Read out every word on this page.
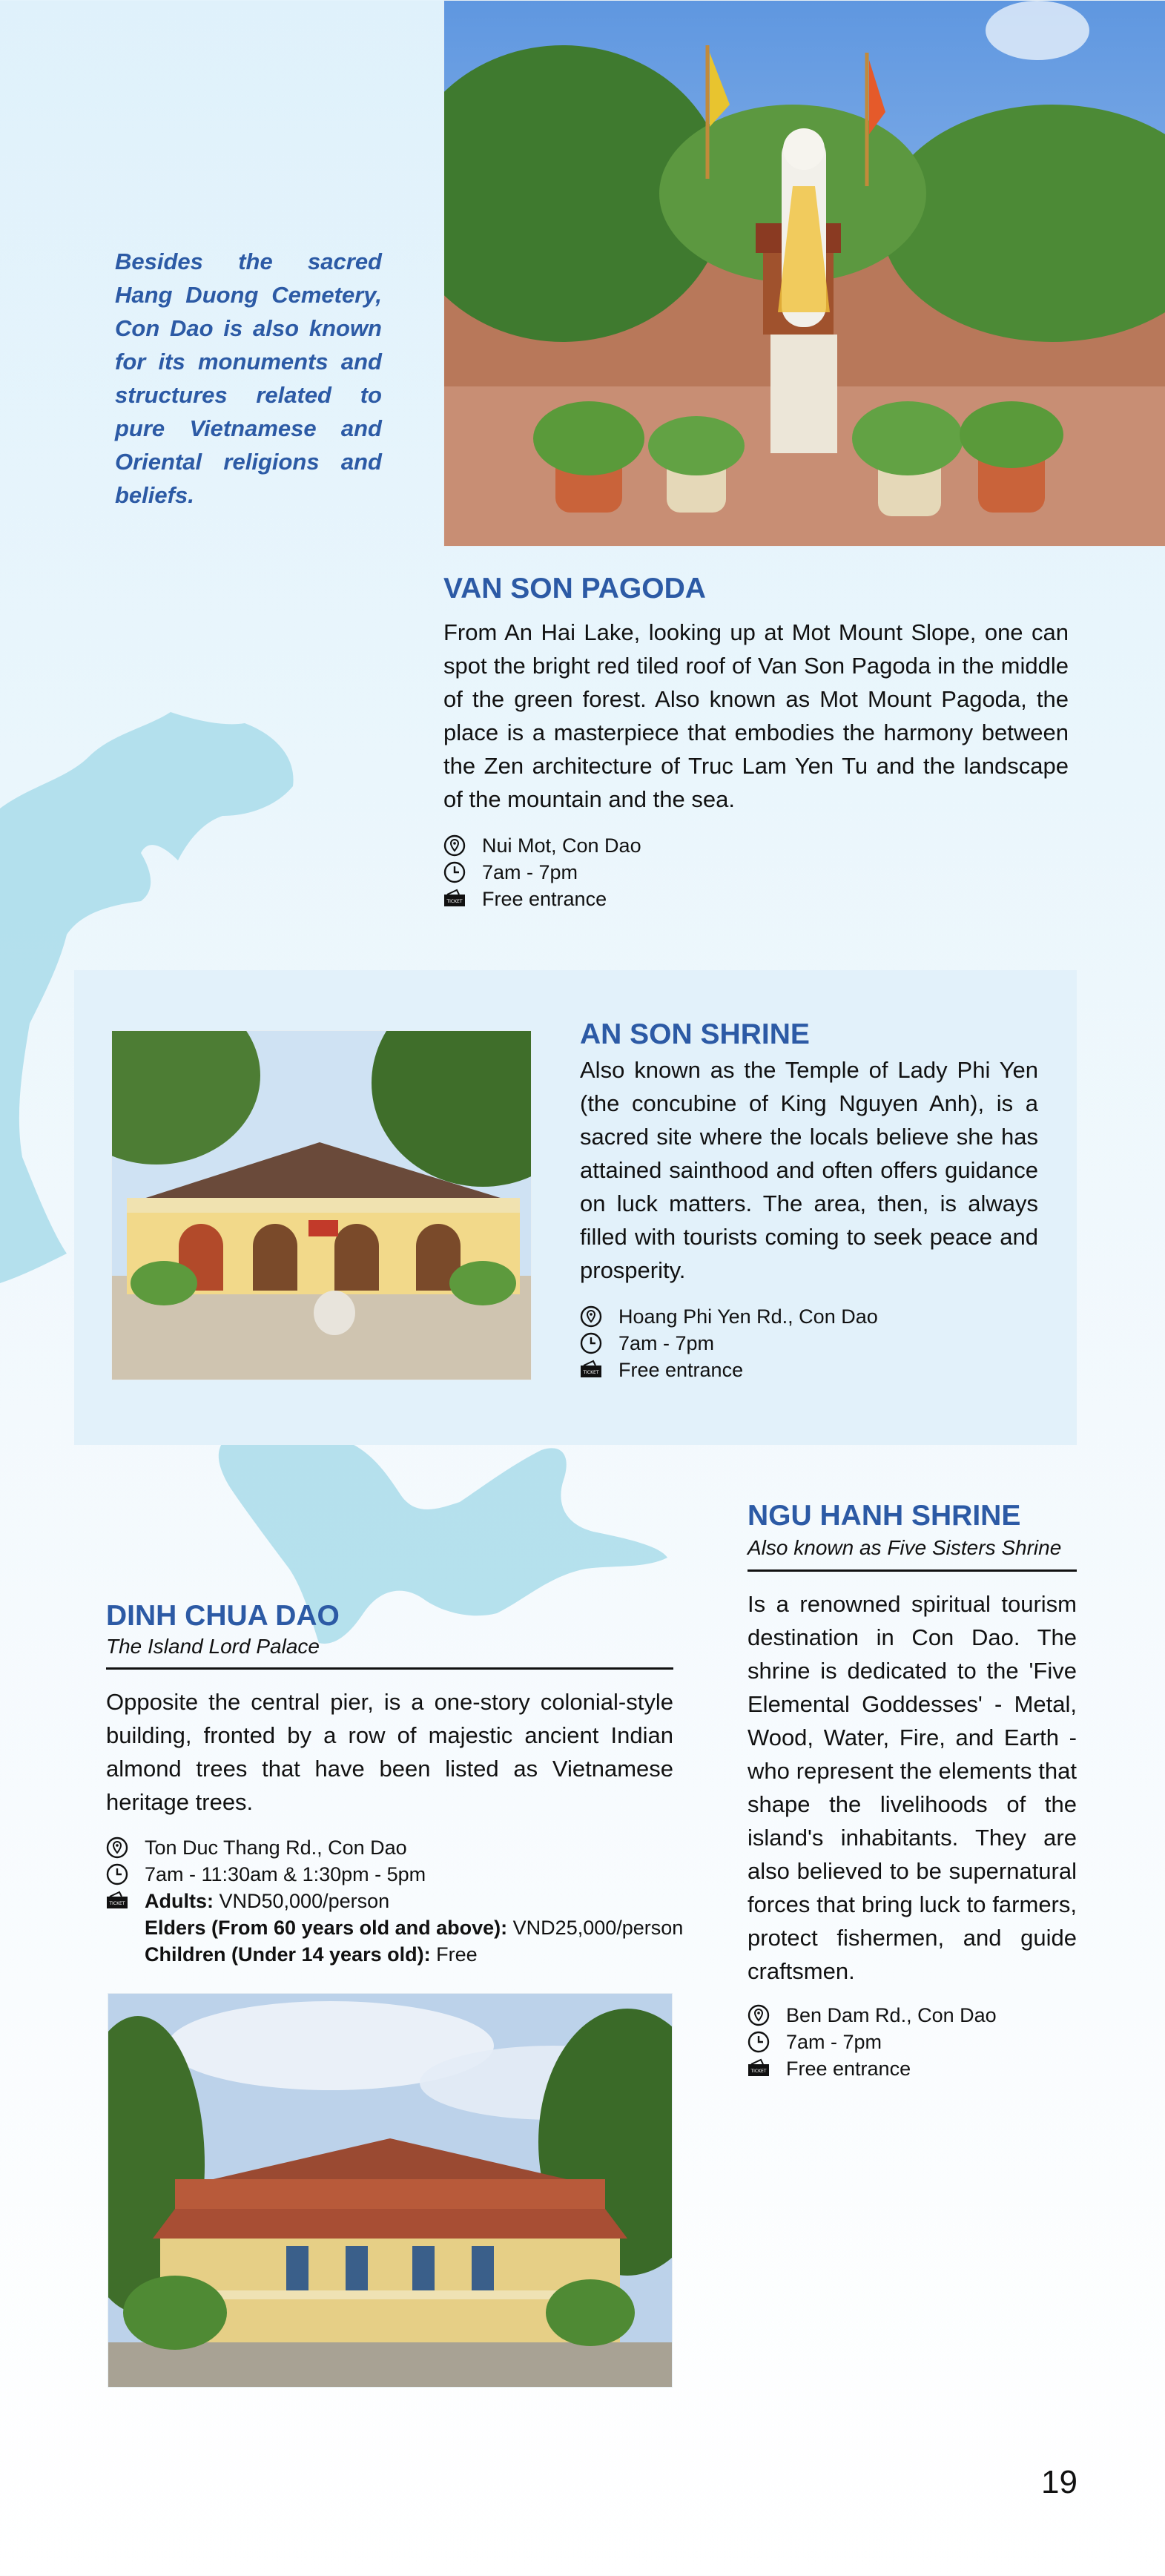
Besides the sacred Hang Duong Cemetery, Con Dao is also known for its monuments and structures related to pure Vietnamese and Oriental religions and beliefs.
VAN SON PAGODA
From An Hai Lake, looking up at Mot Mount Slope, one can spot the bright red tiled roof of Van Son Pagoda in the middle of the green forest. Also known as Mot Mount Pagoda, the place is a masterpiece that embodies the harmony between the Zen architecture of Truc Lam Yen Tu and the landscape of the mountain and the sea.
Nui Mot, Con Dao
7am - 7pm
TICKET Free entrance
AN SON SHRINE
Also known as the Temple of Lady Phi Yen (the concubine of King Nguyen Anh), is a sacred site where the locals believe she has attained sainthood and often offers guidance on luck matters. The area, then, is always filled with tourists coming to seek peace and prosperity.
Hoang Phi Yen Rd., Con Dao
7am - 7pm
TICKET Free entrance
NGU HANH SHRINE
Also known as Five Sisters Shrine
Is a renowned spiritual tourism destination in Con Dao. The shrine is dedicated to the 'Five Elemental Goddesses' - Metal, Wood, Water, Fire, and Earth - who represent the elements that shape the livelihoods of the island's inhabitants. They are also believed to be supernatural forces that bring luck to farmers, protect fishermen, and guide craftsmen.
Ben Dam Rd., Con Dao
7am - 7pm
TICKET Free entrance
DINH CHUA DAO
The Island Lord Palace
Opposite the central pier, is a one-story colonial-style building, fronted by a row of majestic ancient Indian almond trees that have been listed as Vietnamese heritage trees.
Ton Duc Thang Rd., Con Dao
7am - 11:30am & 1:30pm - 5pm
TICKET Adults: VND50,000/person
Elders (From 60 years old and above): VND25,000/person
Children (Under 14 years old): Free
19
